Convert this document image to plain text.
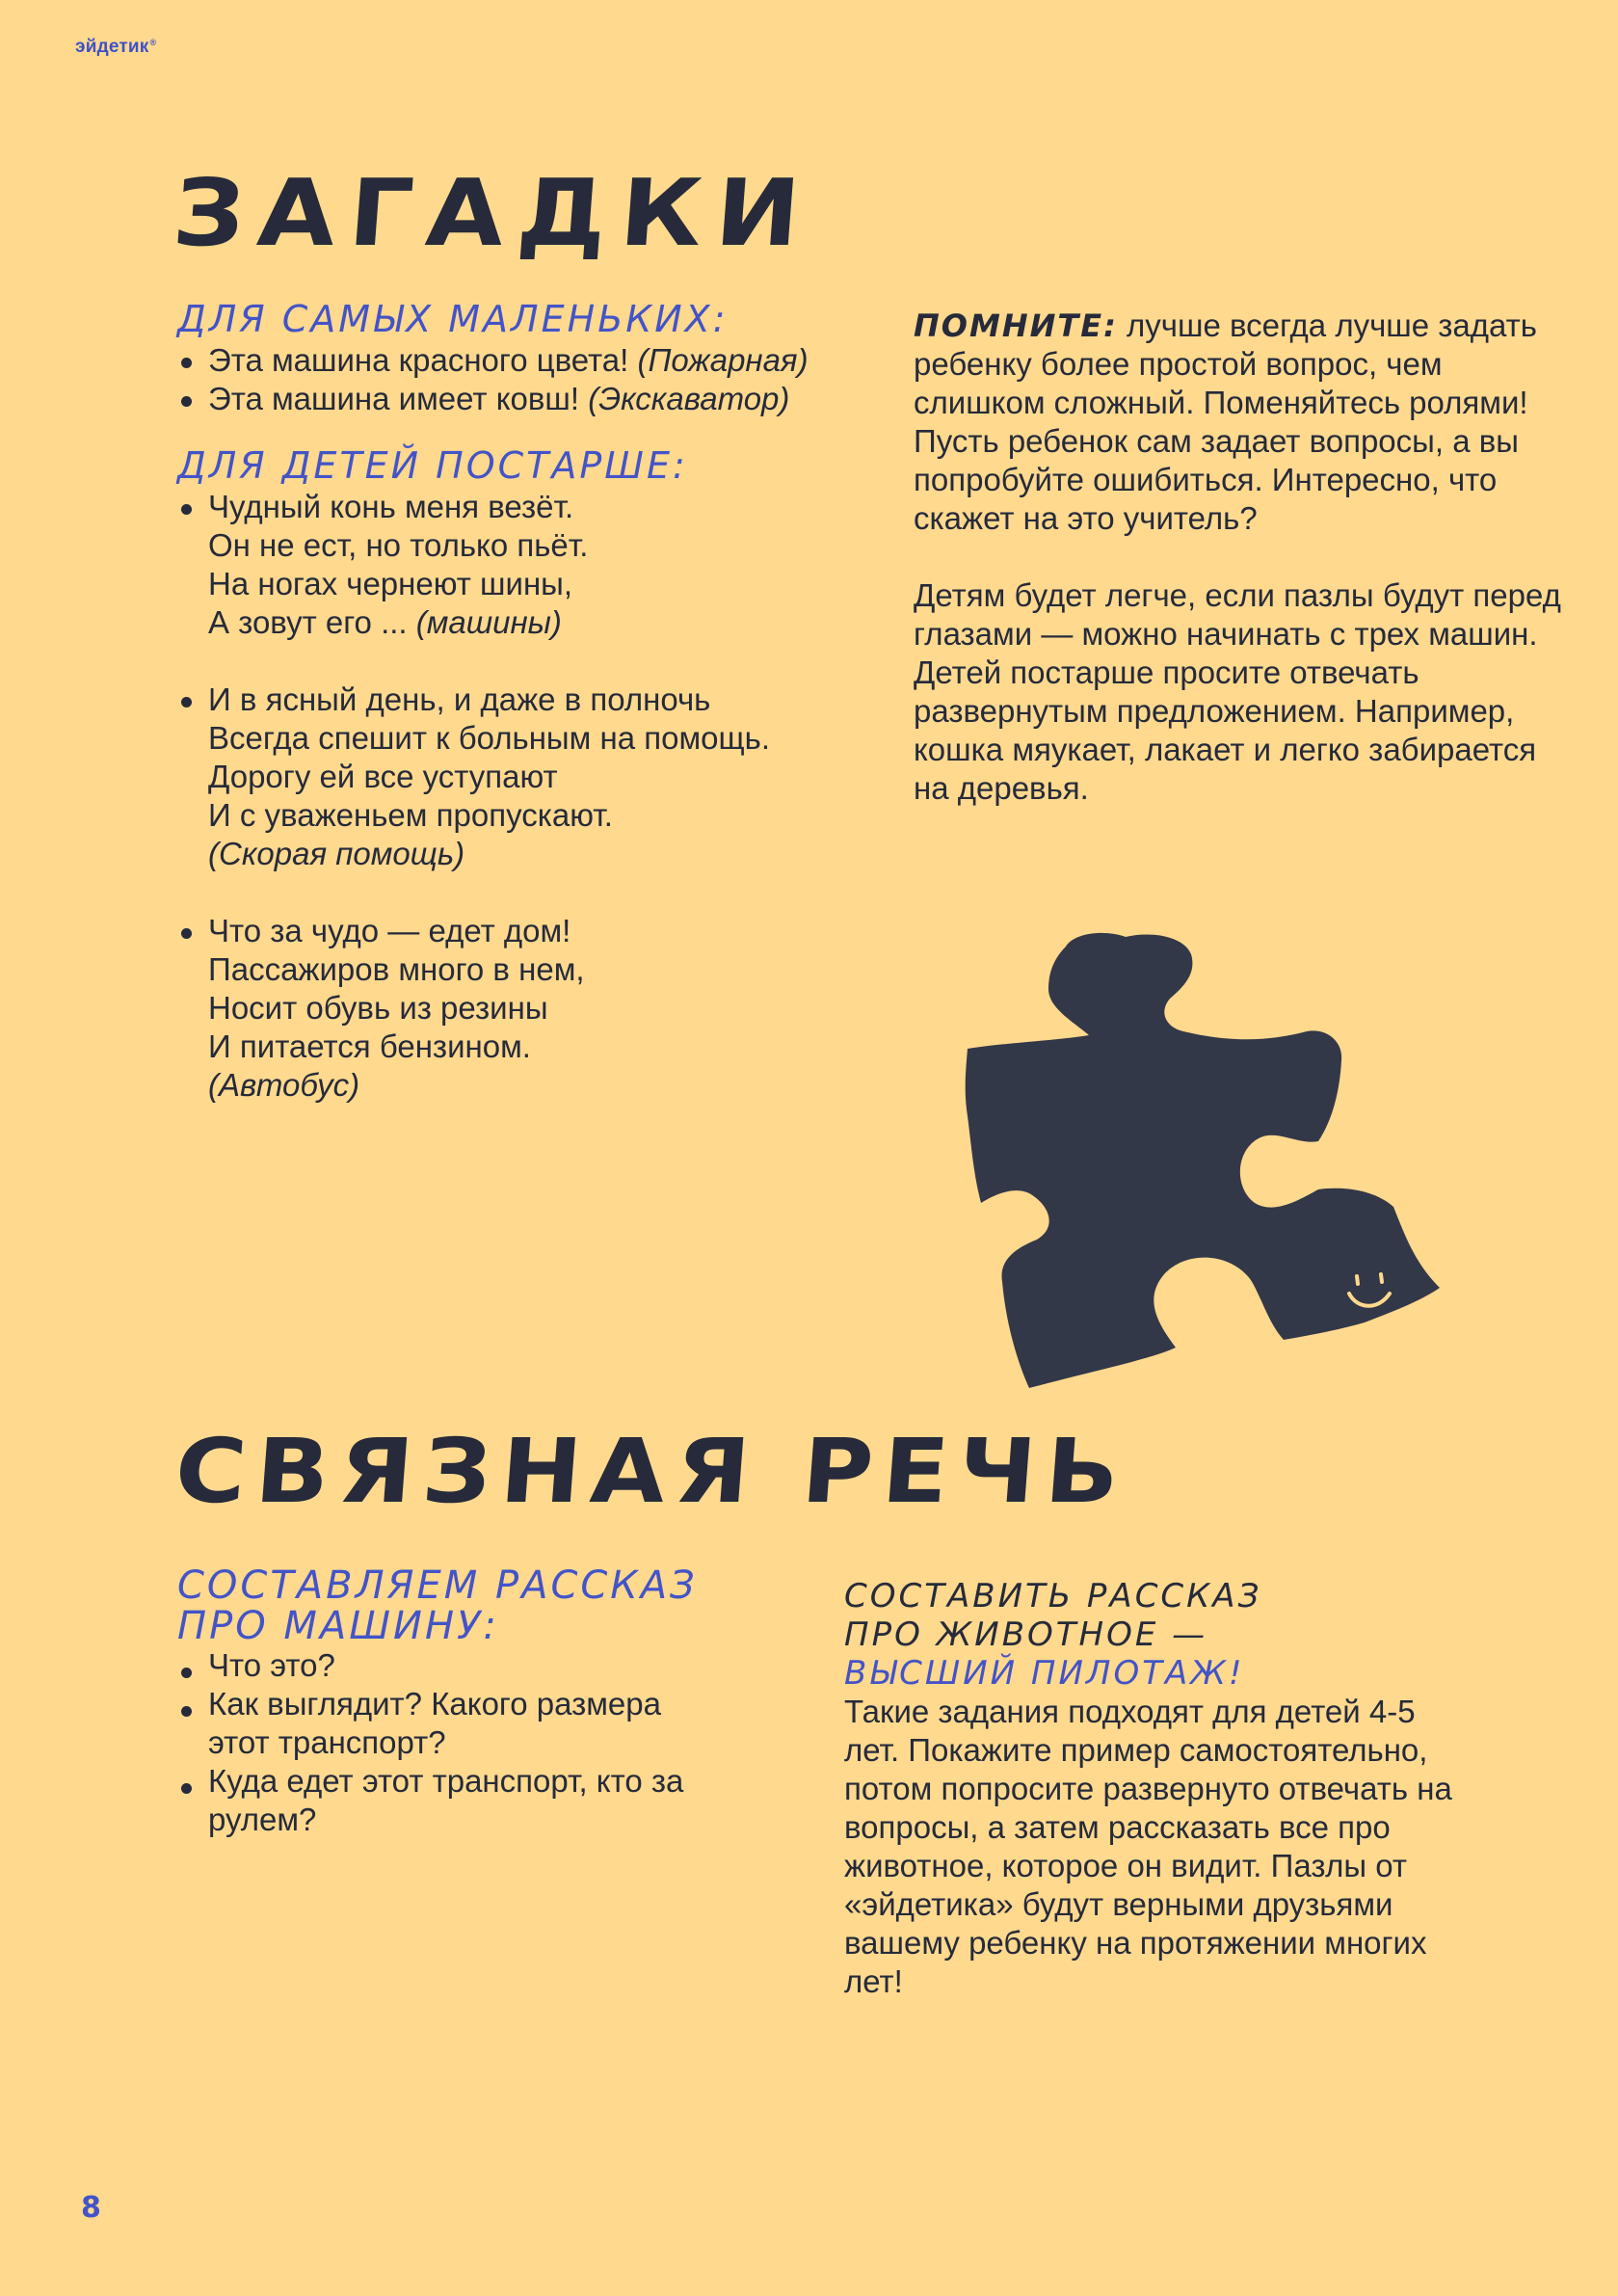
эйдетик®
ЗАГАДКИ
ДЛЯ САМЫХ МАЛЕНЬКИХ:
Эта машина красного цвета! (Пожарная)
Эта машина имеет ковш! (Экскаватор)
ДЛЯ ДЕТЕЙ ПОСТАРШЕ:
Чудный конь меня везёт.
Он не ест, но только пьёт.
На ногах чернеют шины,
А зовут его ... (машины)
И в ясный день, и даже в полночь
Всегда спешит к больным на помощь.
Дорогу ей все уступают
И с уваженьем пропускают.
(Скорая помощь)
Что за чудо — едет дом!
Пассажиров много в нем,
Носит обувь из резины
И питается бензином.
(Автобус)

ПОМНИТЕ: лучше всегда лучше задать ребенку более простой вопрос, чем слишком сложный. Поменяйтесь ролями! Пусть ребенок сам задает вопросы, а вы попробуйте ошибиться. Интересно, что скажет на это учитель?

Детям будет легче, если пазлы будут перед глазами — можно начинать с трех машин. Детей постарше просите отвечать развернутым предложением. Например, кошка мяукает, лакает и легко забирается на деревья.

СВЯЗНАЯ РЕЧЬ
СОСТАВЛЯЕМ РАССКАЗ
ПРО МАШИНУ:
Что это?
Как выглядит? Какого размера этот транспорт?
Куда едет этот транспорт, кто за рулем?
СОСТАВИТЬ РАССКАЗ
ПРО ЖИВОТНОЕ —
ВЫСШИЙ ПИЛОТАЖ!

Такие задания подходят для детей 4-5 лет. Покажите пример самостоятельно, потом попросите развернуто отвечать на вопросы, а затем рассказать все про животное, которое он видит. Пазлы от «эйдетика» будут верными друзьями вашему ребенку на протяжении многих лет!

8
